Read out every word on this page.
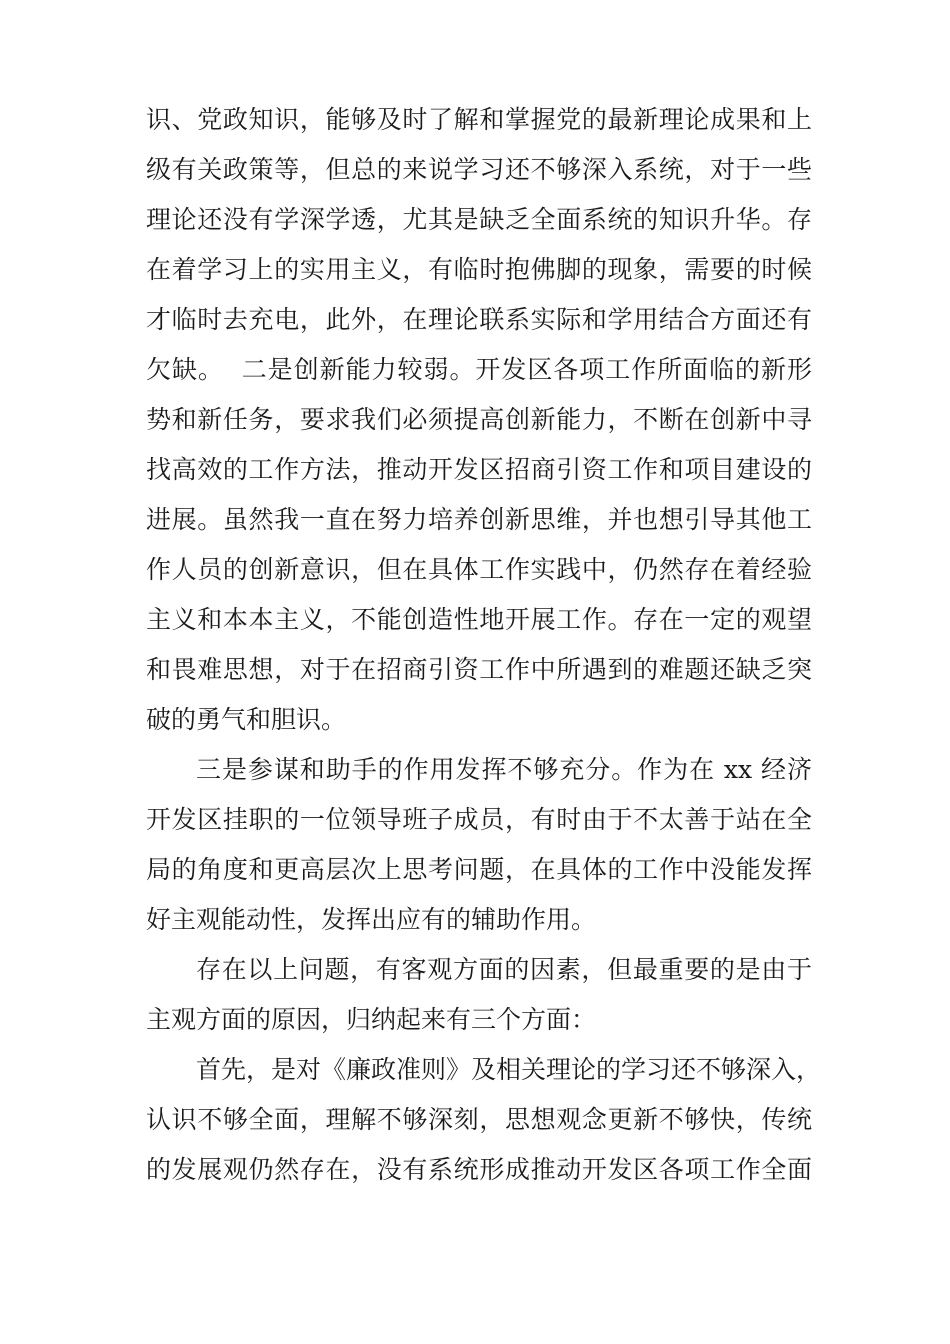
识、党政知识，能够及时了解和掌握党的最新理论成果和上
级有关政策等，但总的来说学习还不够深入系统，对于一些
理论还没有学深学透，尤其是缺乏全面系统的知识升华。存
在着学习上的实用主义，有临时抱佛脚的现象，需要的时候
才临时去充电，此外，在理论联系实际和学用结合方面还有
欠缺。  二是创新能力较弱。开发区各项工作所面临的新形
势和新任务，要求我们必须提高创新能力，不断在创新中寻
找高效的工作方法，推动开发区招商引资工作和项目建设的
进展。虽然我一直在努力培养创新思维，并也想引导其他工
作人员的创新意识，但在具体工作实践中，仍然存在着经验
主义和本本主义，不能创造性地开展工作。存在一定的观望
和畏难思想，对于在招商引资工作中所遇到的难题还缺乏突
破的勇气和胆识。
三是参谋和助手的作用发挥不够充分。作为在 xx 经济
开发区挂职的一位领导班子成员，有时由于不太善于站在全
局的角度和更高层次上思考问题，在具体的工作中没能发挥
好主观能动性，发挥出应有的辅助作用。
存在以上问题，有客观方面的因素，但最重要的是由于
主观方面的原因，归纳起来有三个方面：
首先，是对《廉政准则》及相关理论的学习还不够深入，
认识不够全面，理解不够深刻，思想观念更新不够快，传统
的发展观仍然存在，没有系统形成推动开发区各项工作全面
